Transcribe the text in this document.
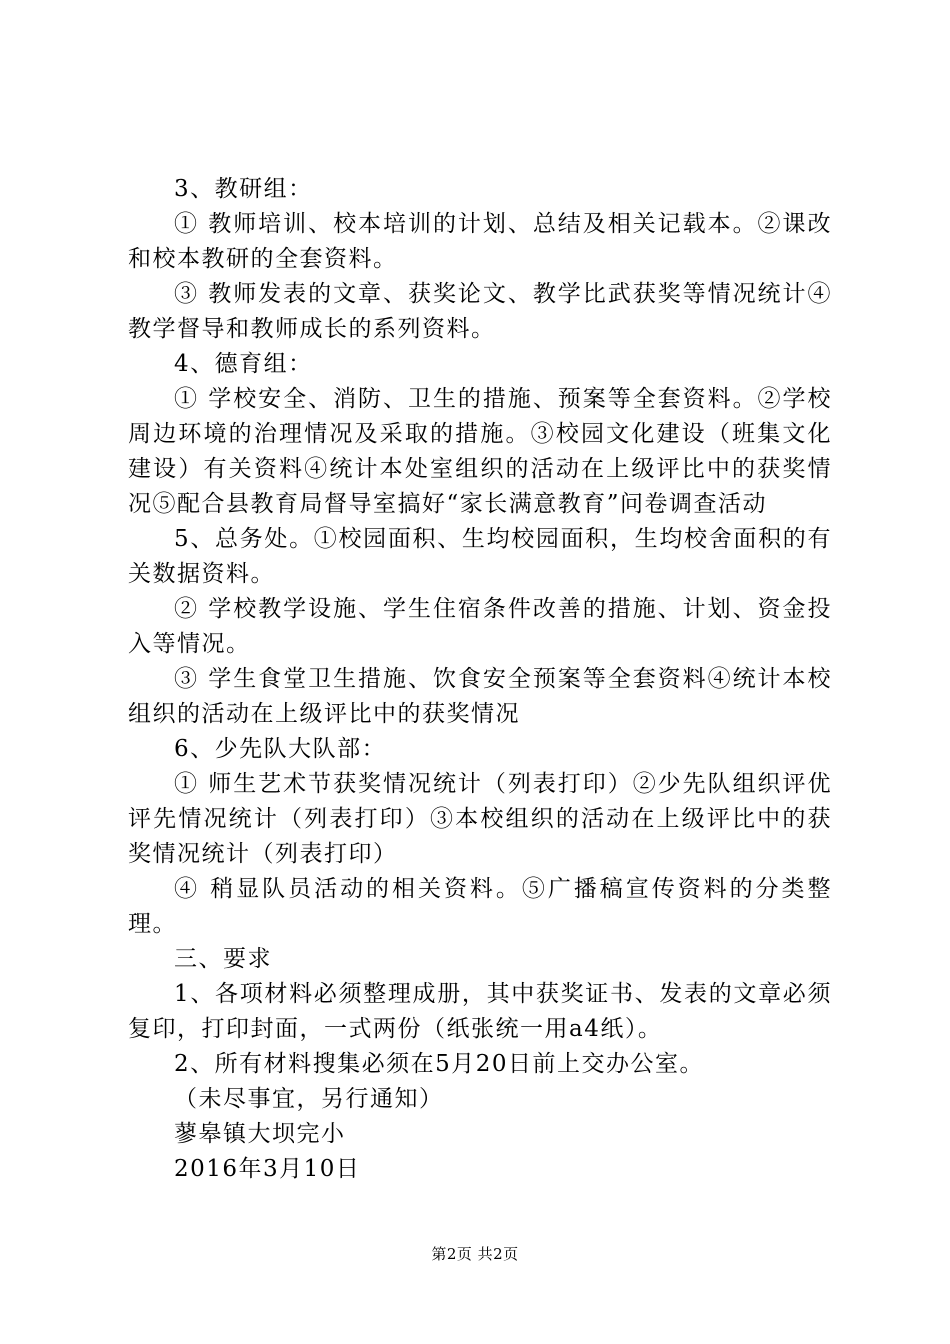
3、教研组：

① 教师培训、校本培训的计划、总结及相关记载本。②课改和校本教研的全套资料。

③ 教师发表的文章、获奖论文、教学比武获奖等情况统计④教学督导和教师成长的系列资料。

4、德育组：

① 学校安全、消防、卫生的措施、预案等全套资料。②学校周边环境的治理情况及采取的措施。③校园文化建设（班集文化建设）有关资料④统计本处室组织的活动在上级评比中的获奖情况⑤配合县教育局督导室搞好“家长满意教育”问卷调查活动

5、总务处。①校园面积、生均校园面积，生均校舍面积的有关数据资料。

② 学校教学设施、学生住宿条件改善的措施、计划、资金投入等情况。

③ 学生食堂卫生措施、饮食安全预案等全套资料④统计本校组织的活动在上级评比中的获奖情况

6、少先队大队部：

① 师生艺术节获奖情况统计（列表打印）②少先队组织评优评先情况统计（列表打印）③本校组织的活动在上级评比中的获奖情况统计（列表打印）

④ 稍显队员活动的相关资料。⑤广播稿宣传资料的分类整理。

三、要求

1、各项材料必须整理成册，其中获奖证书、发表的文章必须复印，打印封面，一式两份（纸张统一用a4纸）。

2、所有材料搜集必须在5月20日前上交办公室。

（未尽事宜，另行通知）

蓼皋镇大坝完小

2016年3月10日

第2页 共2页
